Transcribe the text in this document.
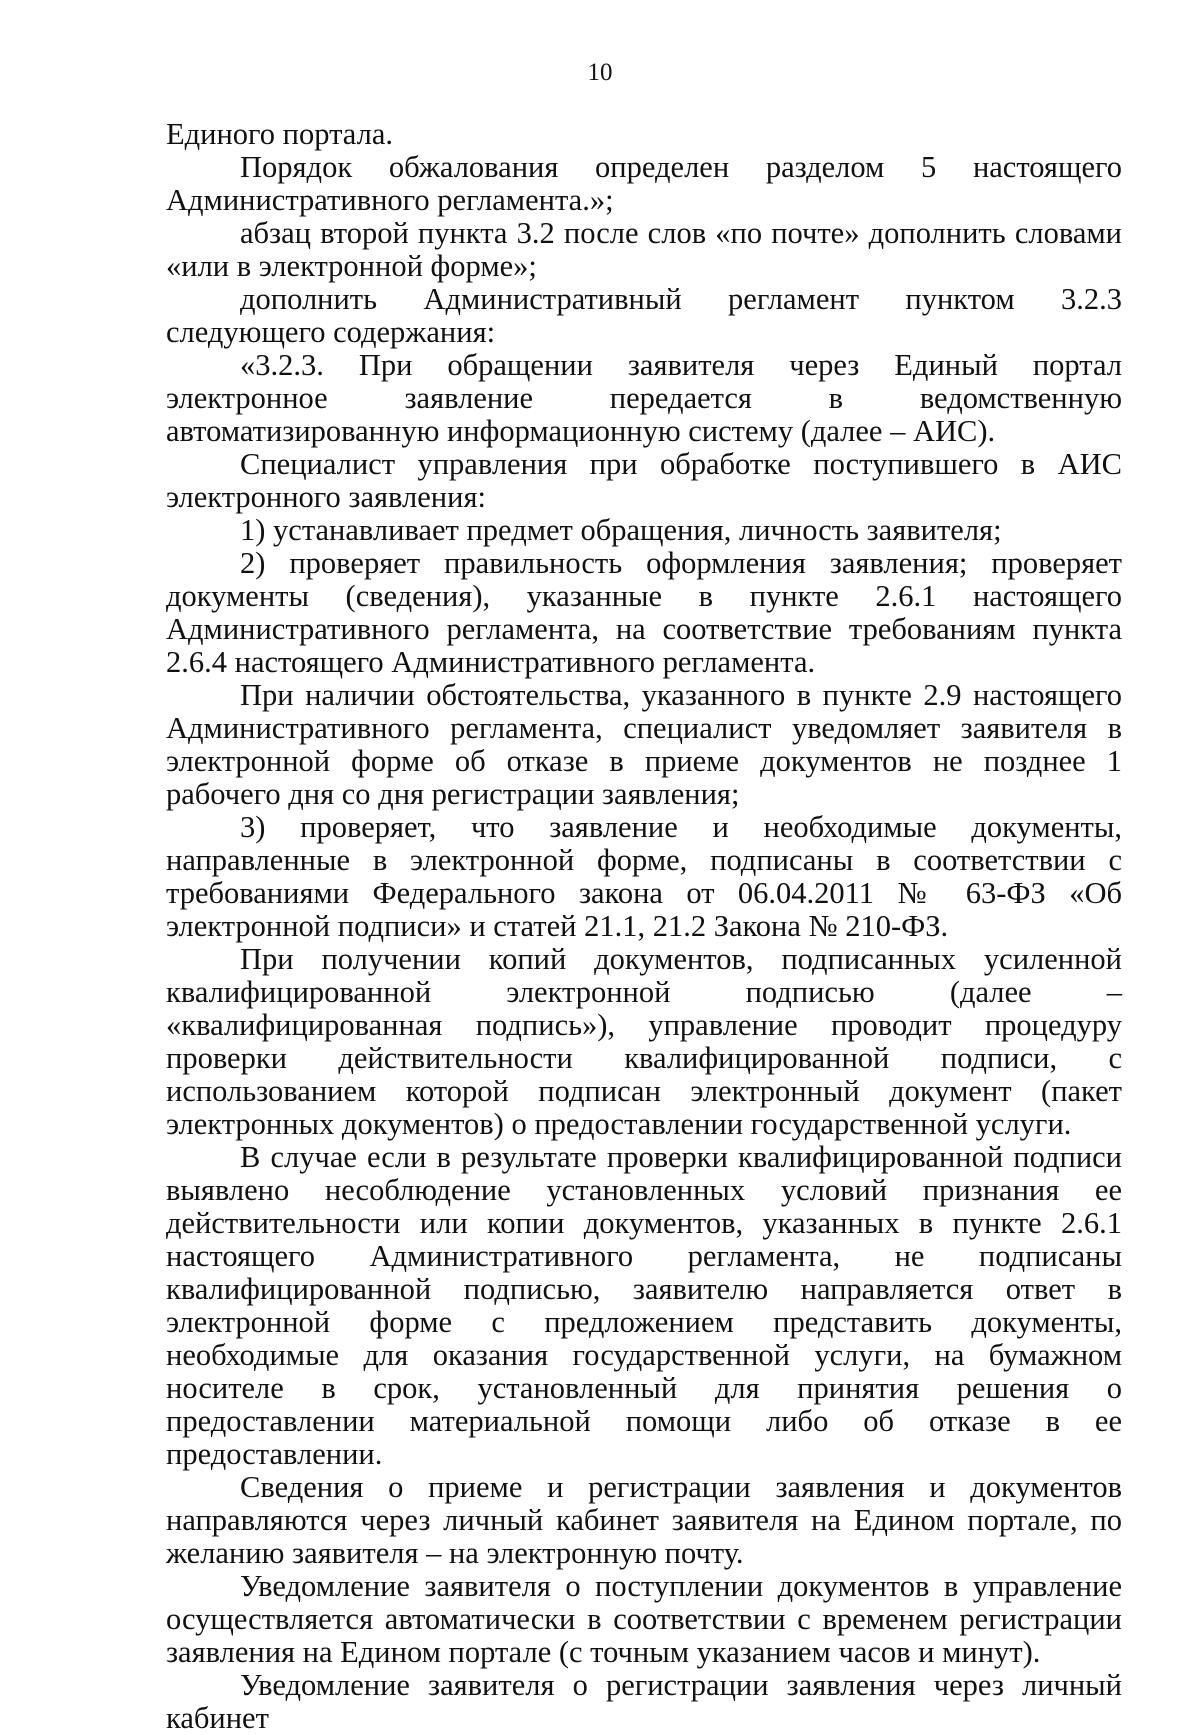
10

Единого портала.

Порядок обжалования определен разделом 5 настоящего Административного регламента.»;

абзац второй пункта 3.2 после слов «по почте» дополнить словами «или в электронной форме»;

дополнить Административный регламент пунктом 3.2.3 следующего содержания:

«3.2.3. При обращении заявителя через Единый портал электронное заявление передается в ведомственную автоматизированную информационную систему (далее – АИС).

Специалист управления при обработке поступившего в АИС электронного заявления:

1) устанавливает предмет обращения, личность заявителя;

2) проверяет правильность оформления заявления; проверяет документы (сведения), указанные в пункте 2.6.1 настоящего Административного регламента, на соответствие требованиям пункта 2.6.4 настоящего Административного регламента.

При наличии обстоятельства, указанного в пункте 2.9 настоящего Административного регламента, специалист уведомляет заявителя в электронной форме об отказе в приеме документов не позднее 1 рабочего дня со дня регистрации заявления;

3) проверяет, что заявление и необходимые документы, направленные в электронной форме, подписаны в соответствии с требованиями Федерального закона от 06.04.2011 № 63-ФЗ «Об электронной подписи» и статей 21.1, 21.2 Закона № 210-ФЗ.

При получении копий документов, подписанных усиленной квалифицированной электронной подписью (далее – «квалифицированная подпись»), управление проводит процедуру проверки действительности квалифицированной подписи, с использованием которой подписан электронный документ (пакет электронных документов) о предоставлении государственной услуги.

В случае если в результате проверки квалифицированной подписи выявлено несоблюдение установленных условий признания ее действительности или копии документов, указанных в пункте 2.6.1 настоящего Административного регламента, не подписаны квалифицированной подписью, заявителю направляется ответ в электронной форме с предложением представить документы, необходимые для оказания государственной услуги, на бумажном носителе в срок, установленный для принятия решения о предоставлении материальной помощи либо об отказе в ее предоставлении.

Сведения о приеме и регистрации заявления и документов направляются через личный кабинет заявителя на Едином портале, по желанию заявителя – на электронную почту.

Уведомление заявителя о поступлении документов в управление осуществляется автоматически в соответствии с временем регистрации заявления на Едином портале (с точным указанием часов и минут).

Уведомление заявителя о регистрации заявления через личный кабинет
